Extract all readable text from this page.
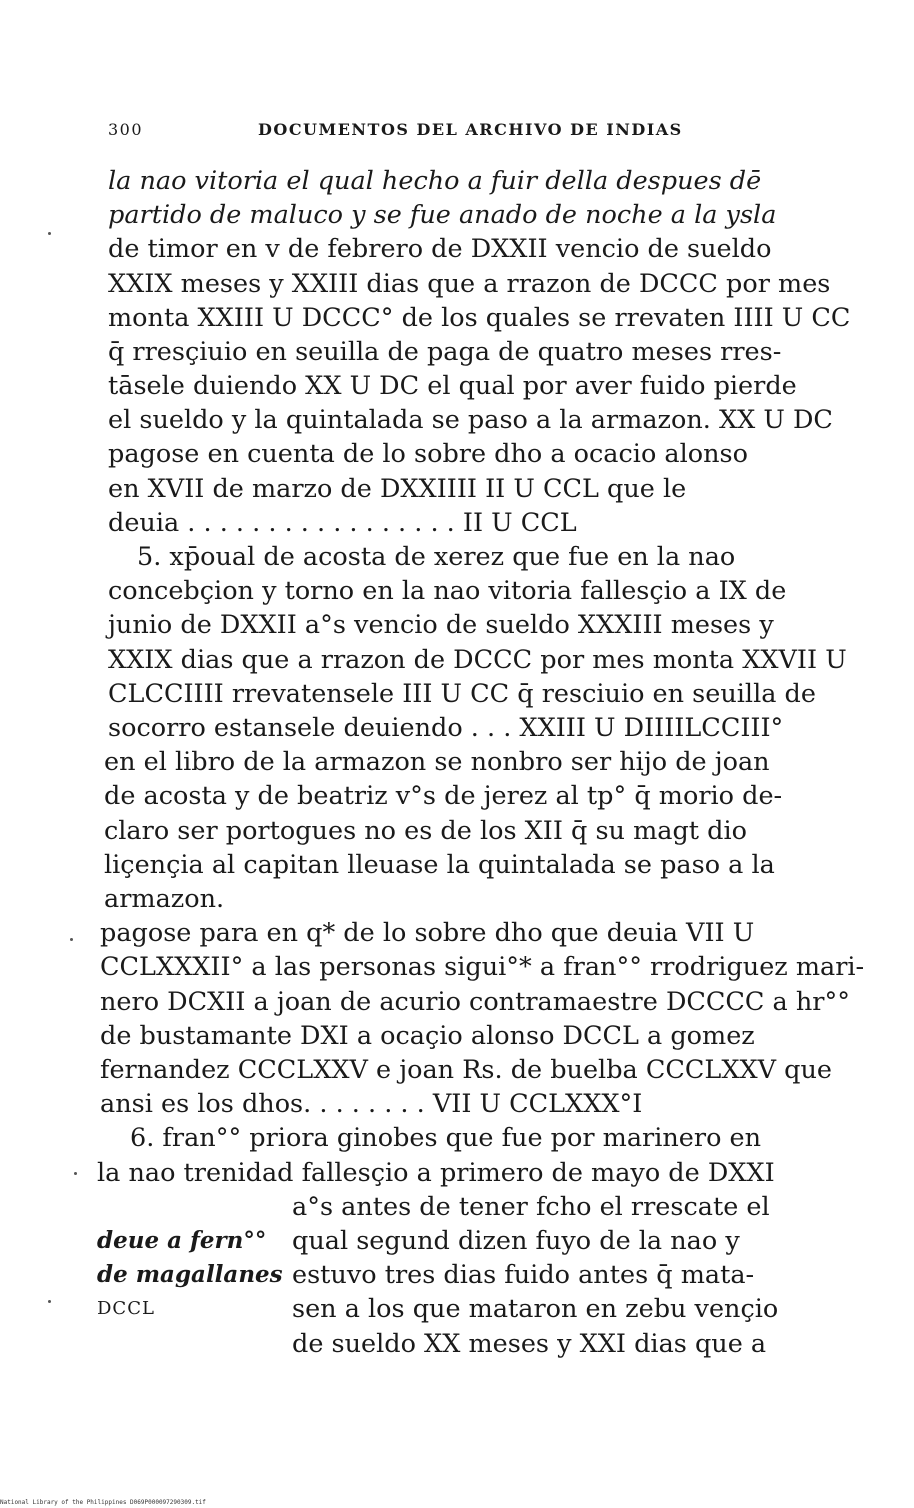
300	DOCUMENTOS DEL ARCHIVO DE INDIAS
la nao vitoria el qual hecho a fuir della despues dē
partido de maluco y se fue anado de noche a la ysla
de timor en v de febrero de DXXII vencio de sueldo
XXIX meses y XXIII dias que a rrazon de DCCC por mes
monta XXIII U DCCC° de los quales se rrevaten IIII U CC
q̄ rresçiuio en seuilla de paga de quatro meses rres-
tāsele duiendo XX U DC el qual por aver fuido pierde
el sueldo y la quintalada se paso a la armazon. XX U DC
pagose en cuenta de lo sobre dho a ocacio alonso
en XVII de marzo de DXXIIII II U CCL que le
deuia . . . . . . . . . . . . . . . . . II U CCL
5. xp̄oual de acosta de xerez que fue en la nao
concebçion y torno en la nao vitoria fallesçio a IX de
junio de DXXII a°s vencio de sueldo XXXIII meses y
XXIX dias que a rrazon de DCCC por mes monta XXVII U
CLCCIIII rrevatensele III U CC q̄ resciuio en seuilla de
socorro estansele deuiendo . . . XXIII U DIIIILCCIII°
en el libro de la armazon se nonbro ser hijo de joan
de acosta y de beatriz v°s de jerez al tp° q̄ morio de-
claro ser portogues no es de los XII q̄ su magt dio
liçençia al capitan lleuase la quintalada se paso a la
armazon.
pagose para en q* de lo sobre dho que deuia VII U
CCLXXXII° a las personas sigui°* a fran°° rrodriguez mari-
nero DCXII a joan de acurio contramaestre DCCCC a hr°°
de bustamante DXI a ocaçio alonso DCCL a gomez
fernandez CCCLXXV e joan Rs. de buelba CCCLXXV que
ansi es los dhos. . . . . . . . VII U CCLXXX°I
6. fran°° priora ginobes que fue por marinero en
la nao trenidad fallesçio a primero de mayo de DXXI
a°s antes de tener fcho el rrescate el
qual segund dizen fuyo de la nao y
estuvo tres dias fuido antes q̄ mata-
sen a los que mataron en zebu vençio
de sueldo XX meses y XXI dias que a
deue a fern°°
de magallanes
DCCL
National Library of the Philippines D069P000097290309.tif
